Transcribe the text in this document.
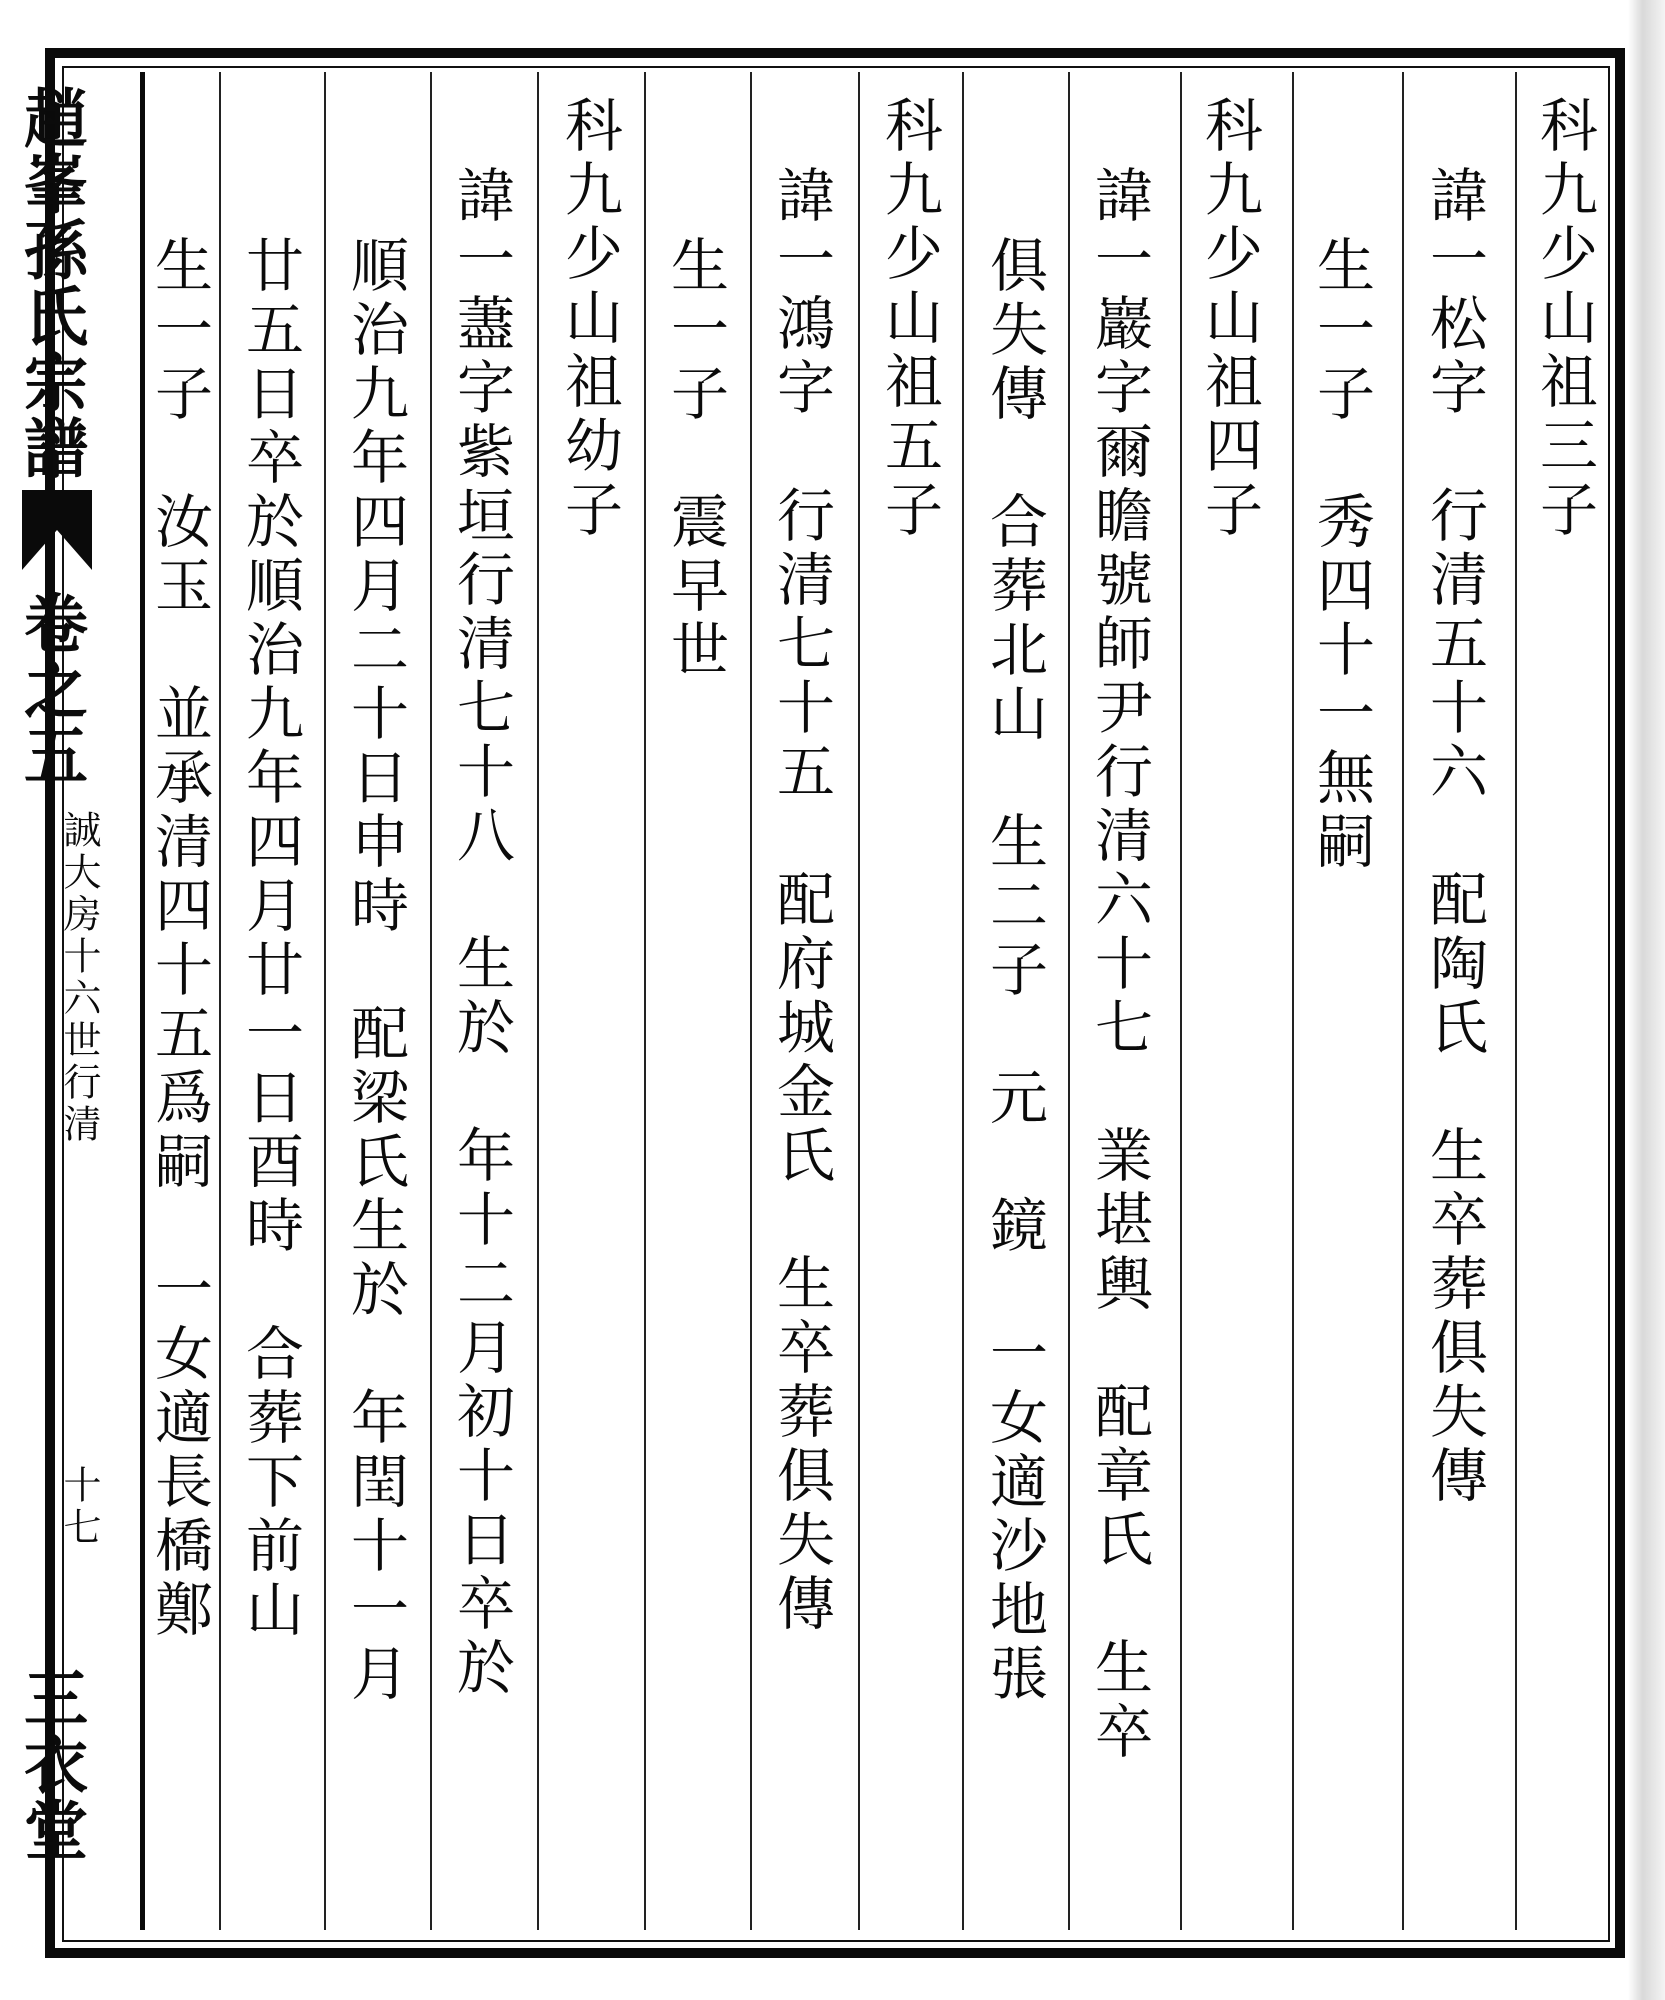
科九少山祖三子
諱一松字　行清五十六　配陶氏　生卒葬俱失傳
生一子　秀四十一無嗣
科九少山祖四子
諱一巖字爾瞻號師尹行清六十七　業堪輿　配章氏　生卒
俱失傳　合葬北山　生二子　元　鏡　一女適沙地張
科九少山祖五子
諱一鴻字　行清七十五　配府城金氏　生卒葬俱失傳
生一子　震早世
科九少山祖幼子
諱一藎字紫垣行清七十八　生於　年十二月初十日卒於
順治九年四月二十日申時　配梁氏生於　年閏十一月
廿五日卒於順治九年四月廿一日酉時　合葬下前山
生一子　汝玉　並承清四十五爲嗣　一女適長橋鄭
趙峯孫氏宗譜
卷之五
誠大房十六世行清
十七
三衣堂
